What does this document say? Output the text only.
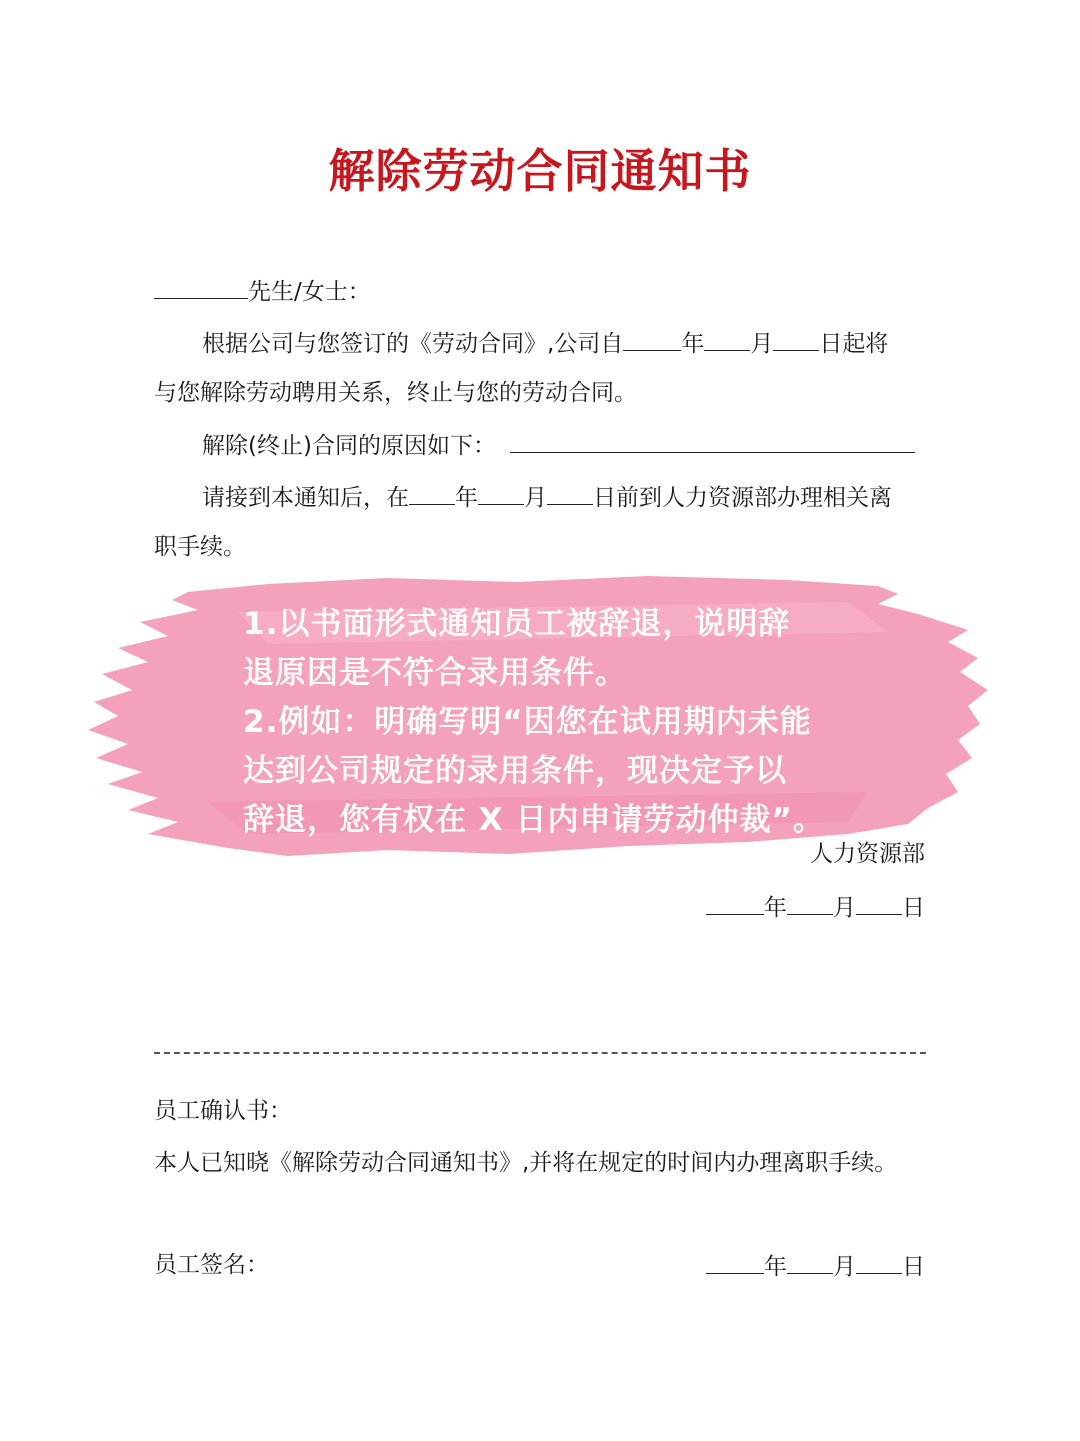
解除劳动合同通知书
先生/女士：
根据公司与您签订的《劳动合同》,公司自	年 月 日起将
与您解除劳动聘用关系，终止与您的劳动合同。
解除(终止)合同的原因如下：
请接到本通知后，在 年 月 日前到人力资源部办理相关离
职手续。
1.以书面形式通知员工被辞退，说明辞
退原因是不符合录用条件。
2.例如：明确写明“因您在试用期内未能
达到公司规定的录用条件，现决定予以
辞退，您有权在 X 日内申请劳动仲裁”。
人力资源部
年 月 日
员工确认书：
本人已知晓《解除劳动合同通知书》,并将在规定的时间内办理离职手续。
员工签名：	年 月 日
